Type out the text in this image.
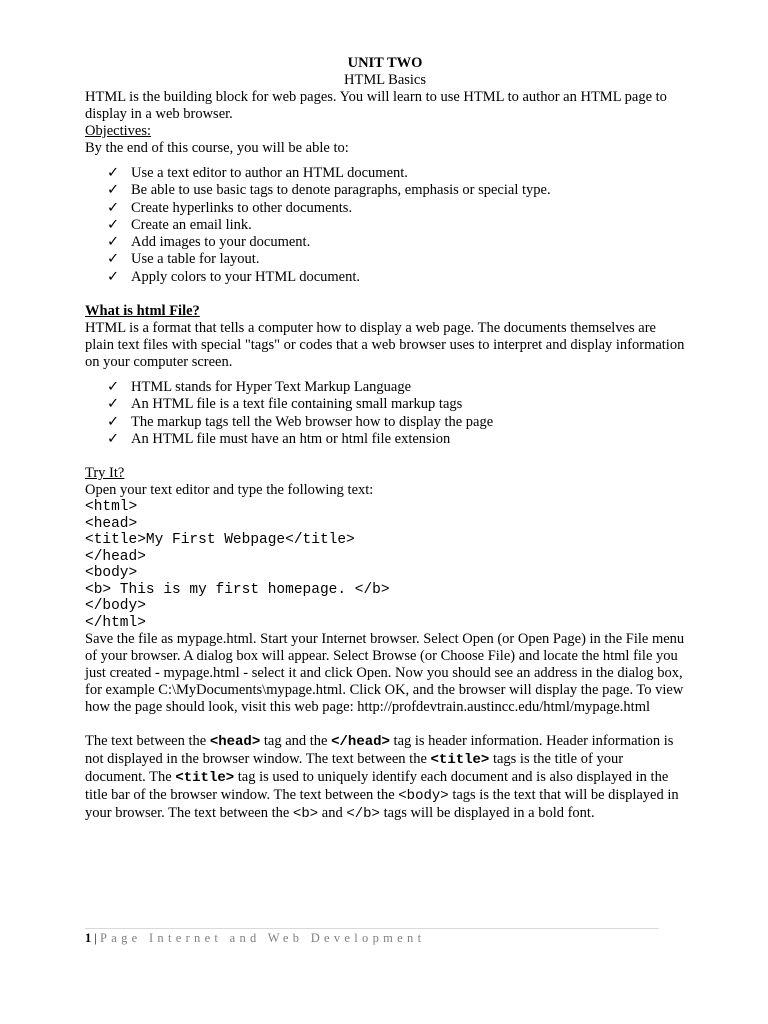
UNIT TWO
HTML Basics

HTML is the building block for web pages. You will learn to use HTML to author an HTML page to display in a web browser.

Objectives:
By the end of this course, you will be able to:
✓ Use a text editor to author an HTML document.
✓ Be able to use basic tags to denote paragraphs, emphasis or special type.
✓ Create hyperlinks to other documents.
✓ Create an email link.
✓ Add images to your document.
✓ Use a table for layout.
✓ Apply colors to your HTML document.
What is html File?

HTML is a format that tells a computer how to display a web page. The documents themselves are plain text files with special "tags" or codes that a web browser uses to interpret and display information on your computer screen.

✓ HTML stands for Hyper Text Markup Language
✓ An HTML file is a text file containing small markup tags
✓ The markup tags tell the Web browser how to display the page
✓ An HTML file must have an htm or html file extension
Try It?
Open your text editor and type the following text:
<html>
<head>
<title>My First Webpage</title>
</head>
<body>
<b> This is my first homepage. </b>
</body>
</html>

Save the file as mypage.html. Start your Internet browser. Select Open (or Open Page) in the File menu of your browser. A dialog box will appear. Select Browse (or Choose File) and locate the html file you just created - mypage.html - select it and click Open. Now you should see an address in the dialog box, for example C:\MyDocuments\mypage.html. Click OK, and the browser will display the page. To view how the page should look, visit this web page: http://profdevtrain.austincc.edu/html/mypage.html

The text between the <head> tag and the </head> tag is header information. Header information is not displayed in the browser window. The text between the <title> tags is the title of your document. The <title> tag is used to uniquely identify each document and is also displayed in the title bar of the browser window. The text between the <body> tags is the text that will be displayed in your browser. The text between the <b> and </b> tags will be displayed in a bold font.

1 | Page Internet and Web Development
